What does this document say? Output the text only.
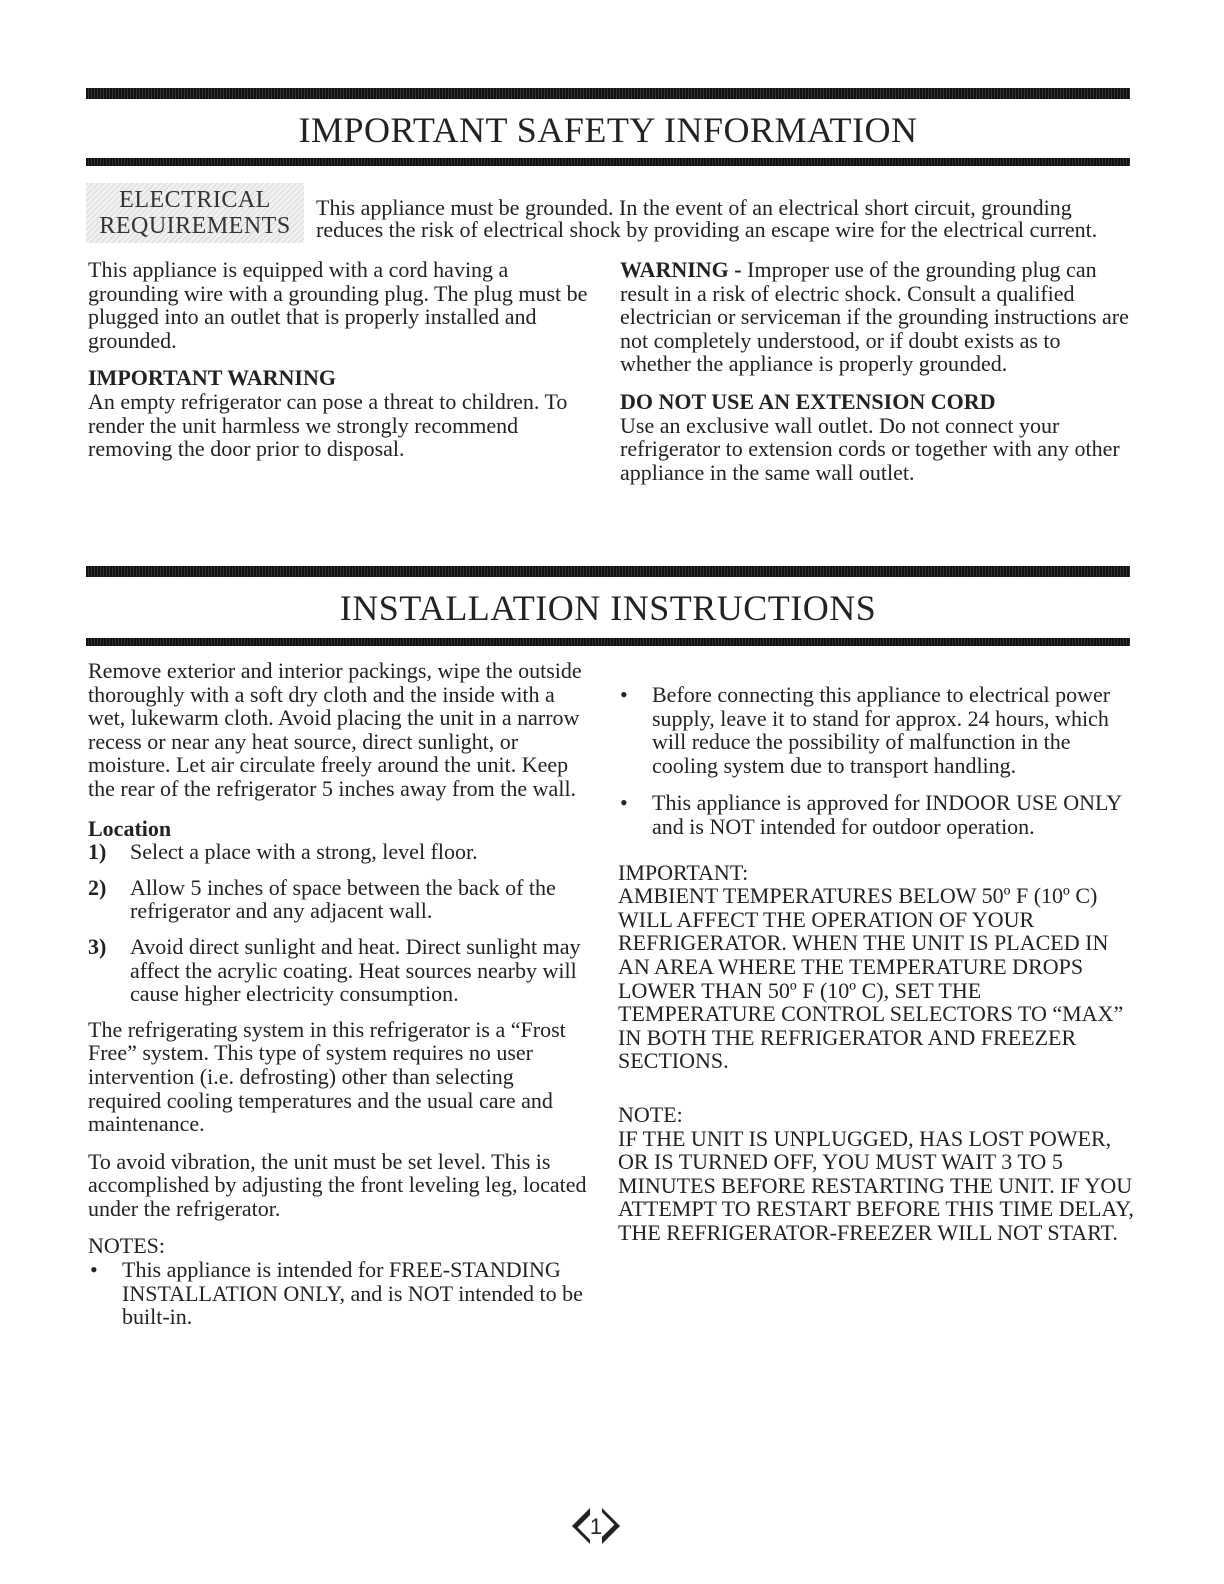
IMPORTANT SAFETY INFORMATION
ELECTRICAL
REQUIREMENTS
This appliance must be grounded. In the event of an electrical short circuit, grounding
reduces the risk of electrical shock by providing an escape wire for the electrical current.

This appliance is equipped with a cord having a grounding wire with a grounding plug. The plug must be plugged into an outlet that is properly installed and grounded.

IMPORTANT WARNING

An empty refrigerator can pose a threat to children. To render the unit harmless we strongly recommend removing the door prior to disposal.

WARNING - Improper use of the grounding plug can result in a risk of electric shock. Consult a qualified electrician or serviceman if the grounding instructions are not completely understood, or if doubt exists as to whether the appliance is properly grounded.

DO NOT USE AN EXTENSION CORD

Use an exclusive wall outlet. Do not connect your refrigerator to extension cords or together with any other appliance in the same wall outlet.

INSTALLATION INSTRUCTIONS

Remove exterior and interior packings, wipe the outside thoroughly with a soft dry cloth and the inside with a wet, lukewarm cloth. Avoid placing the unit in a narrow recess or near any heat source, direct sunlight, or moisture. Let air circulate freely around the unit. Keep the rear of the refrigerator 5 inches away from the wall.

Location

1) Select a place with a strong, level floor.
2) Allow 5 inches of space between the back of the refrigerator and any adjacent wall.
3) Avoid direct sunlight and heat. Direct sunlight may affect the acrylic coating. Heat sources nearby will cause higher electricity consumption.

The refrigerating system in this refrigerator is a “Frost Free” system. This type of system requires no user intervention (i.e. defrosting) other than selecting required cooling temperatures and the usual care and maintenance.

To avoid vibration, the unit must be set level. This is accomplished by adjusting the front leveling leg, located under the refrigerator.

NOTES:

• This appliance is intended for FREE-STANDING INSTALLATION ONLY, and is NOT intended to be built-in.
• Before connecting this appliance to electrical power supply, leave it to stand for approx. 24 hours, which will reduce the possibility of malfunction in the cooling system due to transport handling.
• This appliance is approved for INDOOR USE ONLY and is NOT intended for outdoor operation.

IMPORTANT:

AMBIENT TEMPERATURES BELOW 50º F (10º C) WILL AFFECT THE OPERATION OF YOUR REFRIGERATOR. WHEN THE UNIT IS PLACED IN AN AREA WHERE THE TEMPERATURE DROPS LOWER THAN 50º F (10º C), SET THE TEMPERATURE CONTROL SELECTORS TO “MAX” IN BOTH THE REFRIGERATOR AND FREEZER SECTIONS.

NOTE:

IF THE UNIT IS UNPLUGGED, HAS LOST POWER, OR IS TURNED OFF, YOU MUST WAIT 3 TO 5 MINUTES BEFORE RESTARTING THE UNIT. IF YOU ATTEMPT TO RESTART BEFORE THIS TIME DELAY, THE REFRIGERATOR-FREEZER WILL NOT START.

1
